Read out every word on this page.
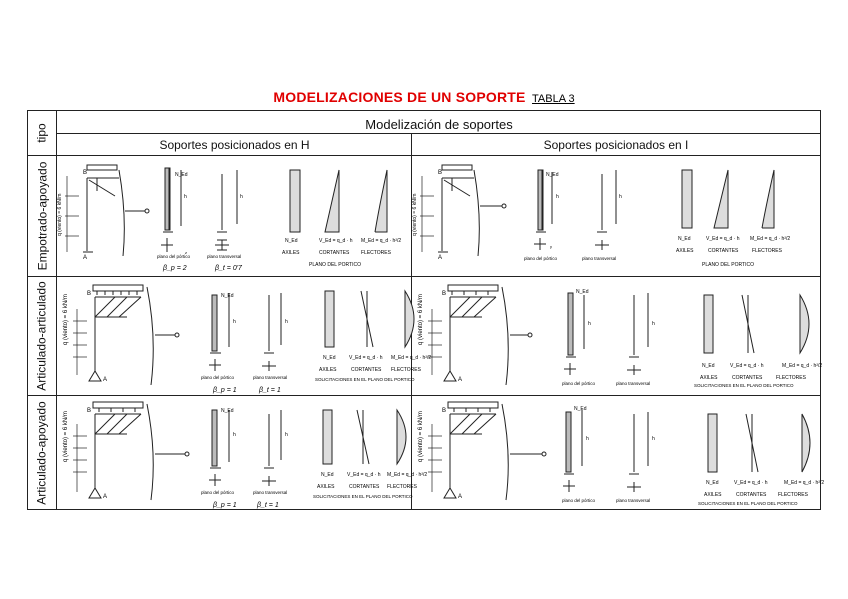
MODELIZACIONES DE UN SOPORTE TABLA 3
tipo	Modelización de soportes
Soportes posicionados en H	Soportes posicionados en I
Empotrado-apoyado
Articulado-articulado
Articulado-apoyado
q (viento) = 6 kN/m
A
B	N_Ed
h
z
h
plano del pórtico	plano transversal
β_p = 2	β_t = 0'7
N_Ed	V_Ed = q_d · h M_Ed = q_d · h²/2
AXILES	CORTANTES FLECTORES
PLANO DEL PORTICO
q (viento) = 6 kN/m
A
B	N_Ed
h	h
y
plano del pórtico	plano transversal
N_Ed	V_Ed = q_d · h M_Ed = q_d · h²/2
AXILES	CORTANTES	FLECTORES
PLANO DEL PORTICO
q (viento) = 6 kN/m
B
A
N_Ed
h	h
plano del pórtico	plano transversal
β_p = 1	β_t = 1
N_Ed	V_Ed = q_d · h M_Ed = q_d · h²/2
AXILES	CORTANTES FLECTORES
SOLICITACIONES EN EL PLANO DEL PORTICO
q (viento) = 6 kN/m
B
A
N_Ed
h	h
plano del pórtico	plano transversal
N_Ed	V_Ed = q_d · h	M_Ed = q_d · h²/2
AXILES	CORTANTES	FLECTORES
SOLICITACIONES EN EL PLANO DEL PORTICO
q (viento) = 6 kN/m
B
A
N_Ed
h	h
plano del pórtico	plano transversal
β_p = 1	β_t = 1
N_Ed	V_Ed = q_d · h M_Ed = q_d · h²/2
AXILES	CORTANTES FLECTORES
SOLICITACIONES EN EL PLANO DEL PORTICO
q (viento) = 6 kN/m
B
A
N_Ed
h	h
plano del pórtico	plano transversal
N_Ed	V_Ed = q_d · h	M_Ed = q_d · h²/2
AXILES	CORTANTES FLECTORES
SOLICITACIONES EN EL PLANO DEL PORTICO
